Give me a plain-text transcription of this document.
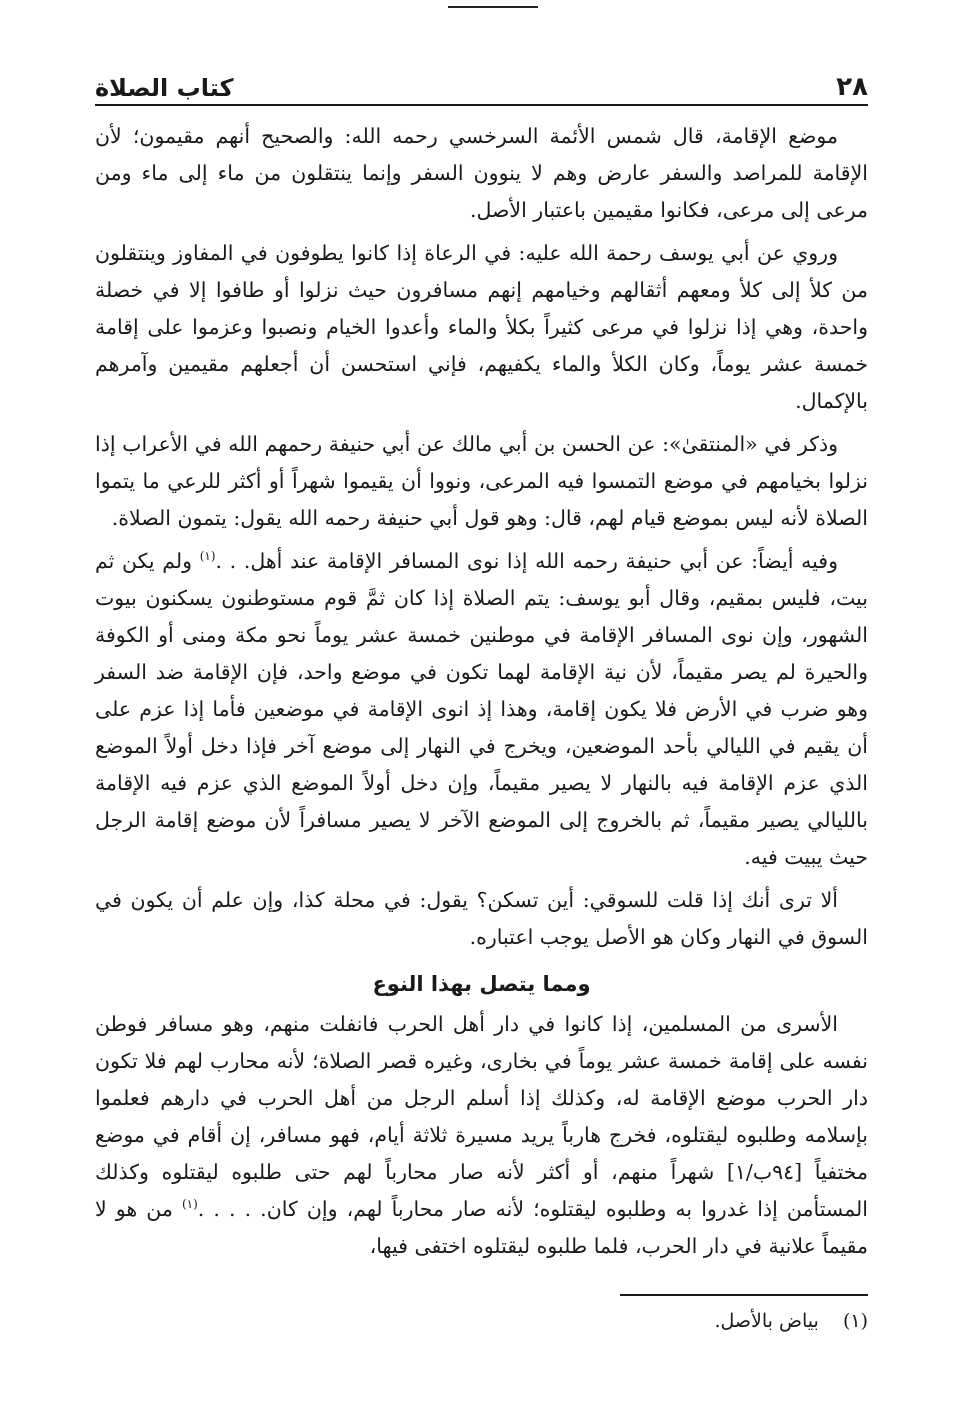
٢٨
كتاب الصلاة

موضع الإقامة، قال شمس الأئمة السرخسي رحمه الله: والصحيح أنهم مقيمون؛ لأن الإقامة للمراصد والسفر عارض وهم لا ينوون السفر وإنما ينتقلون من ماء إلى ماء ومن مرعى إلى مرعى، فكانوا مقيمين باعتبار الأصل.

وروي عن أبي يوسف رحمة الله عليه: في الرعاة إذا كانوا يطوفون في المفاوز وينتقلون من كلأ إلى كلأ ومعهم أثقالهم وخيامهم إنهم مسافرون حيث نزلوا أو طافوا إلا في خصلة واحدة، وهي إذا نزلوا في مرعى كثيراً بكلأ والماء وأعدوا الخيام ونصبوا وعزموا على إقامة خمسة عشر يوماً، وكان الكلأ والماء يكفيهم، فإني استحسن أن أجعلهم مقيمين وآمرهم بالإكمال.

وذكر في «المنتقىٰ»: عن الحسن بن أبي مالك عن أبي حنيفة رحمهم الله في الأعراب إذا نزلوا بخيامهم في موضع التمسوا فيه المرعى، ونووا أن يقيموا شهراً أو أكثر للرعي ما يتموا الصلاة لأنه ليس بموضع قيام لهم، قال: وهو قول أبي حنيفة رحمه الله يقول: يتمون الصلاة.

وفيه أيضاً: عن أبي حنيفة رحمه الله إذا نوى المسافر الإقامة عند أهل. . .$^{(١)}$ ولم يكن ثم بيت، فليس بمقيم، وقال أبو يوسف: يتم الصلاة إذا كان ثمَّ قوم مستوطنون يسكنون بيوت الشهور، وإن نوى المسافر الإقامة في موطنين خمسة عشر يوماً نحو مكة ومنى أو الكوفة والحيرة لم يصر مقيماً، لأن نية الإقامة لهما تكون في موضع واحد، فإن الإقامة ضد السفر وهو ضرب في الأرض فلا يكون إقامة، وهذا إذ انوى الإقامة في موضعين فأما إذا عزم على أن يقيم في الليالي بأحد الموضعين، ويخرج في النهار إلى موضع آخر فإذا دخل أولاً الموضع الذي عزم الإقامة فيه بالنهار لا يصير مقيماً، وإن دخل أولاً الموضع الذي عزم فيه الإقامة بالليالي يصير مقيماً، ثم بالخروج إلى الموضع الآخر لا يصير مسافراً لأن موضع إقامة الرجل حيث يبيت فيه.

ألا ترى أنك إذا قلت للسوقي: أين تسكن؟ يقول: في محلة كذا، وإن علم أن يكون في السوق في النهار وكان هو الأصل يوجب اعتباره.

ومما يتصل بهذا النوع

الأسرى من المسلمين، إذا كانوا في دار أهل الحرب فانفلت منهم، وهو مسافر فوطن نفسه على إقامة خمسة عشر يوماً في بخارى، وغيره قصر الصلاة؛ لأنه محارب لهم فلا تكون دار الحرب موضع الإقامة له، وكذلك إذا أسلم الرجل من أهل الحرب في دارهم فعلموا بإسلامه وطلبوه ليقتلوه، فخرج هارباً يريد مسيرة ثلاثة أيام، فهو مسافر، إن أقام في موضع مختفياً [٩٤ب/١] شهراً منهم، أو أكثر لأنه صار محارباً لهم حتى طلبوه ليقتلوه وكذلك المستأمن إذا غدروا به وطلبوه ليقتلوه؛ لأنه صار محارباً لهم، وإن كان. . . . .$^{(١)}$ من هو لا مقيماً علانية في دار الحرب، فلما طلبوه ليقتلوه اختفى فيها،

(١)    بياض بالأصل.
